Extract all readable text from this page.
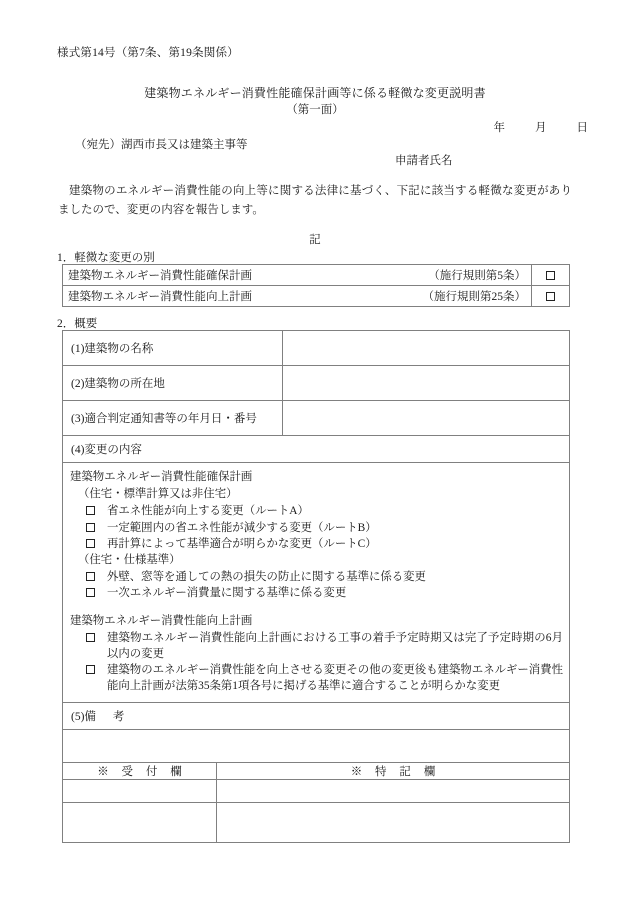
様式第14号（第7条、第19条関係）
建築物エネルギー消費性能確保計画等に係る軽微な変更説明書
（第一面）
年	月	日
（宛先）湖西市長又は建築主事等
申請者氏名
建築物のエネルギー消費性能の向上等に関する法律に基づく、下記に該当する軽微な変更がありましたので、変更の内容を報告します。
記
1．軽微な変更の別
建築物エネルギー消費性能確保計画 （施行規則第5条）	

建築物エネルギー消費性能向上計画 （施行規則第25条）	

2．概要
(1)建築物の名称	
(2)建築物の所在地	
(3)適合判定通知書等の年月日・番号	
(4)変更の内容	

建築物エネルギー消費性能確保計画
（住宅・標準計算又は非住宅）
省エネ性能が向上する変更（ルートA）
一定範囲内の省エネ性能が減少する変更（ルートB）
再計算によって基準適合が明らかな変更（ルートC）
（住宅・仕様基準）
外壁、窓等を通しての熱の損失の防止に関する基準に係る変更
一次エネルギー消費量に関する基準に係る変更
建築物エネルギー消費性能向上計画
建築物エネルギー消費性能向上計画における工事の着手予定時期又は完了予定時期の6月以内の変更
建築物のエネルギー消費性能を向上させる変更その他の変更後も建築物エネルギー消費性能向上計画が法第35条第1項各号に掲げる基準に適合することが明らかな変更

(5)備 考	

※ 受 付 欄	※ 特 記 欄
